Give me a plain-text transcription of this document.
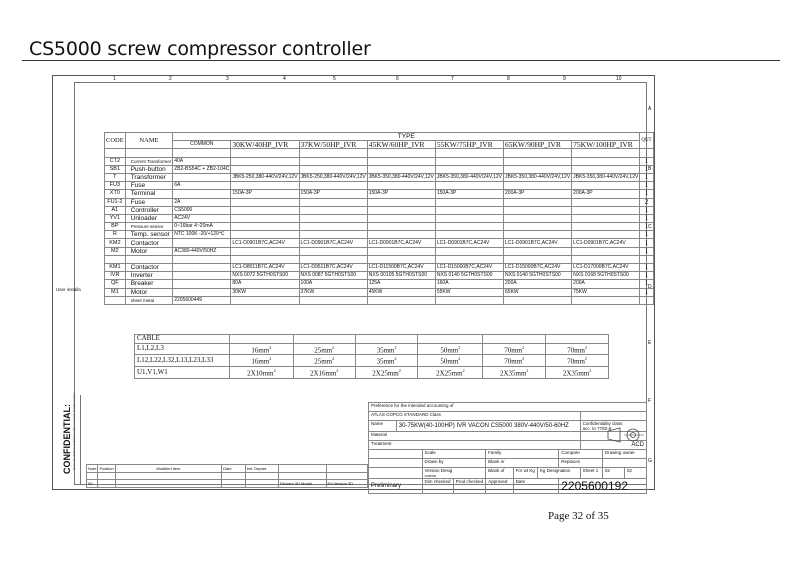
CS5000 screw compressor controller
1	2	3	4	5	6	7	8	9	10
A
B
C
D
E
F
G
User installa
CONFIDENTIAL: Not to be disclosed without written consent of Atlas Copco
CODE	NAME	TYPE							QUT
		COMMON	30KW/40HP_IVR	37KW/50HP_IVR	45KW/60HP_IVR	55KW/75HP_IVR	65KW/90HP_IVR	75KW/100HP_IVR	

CT2	Current Transformer	40A							1
SB1	Push-button	ZB2-BS54C + ZB2-104C							1
T	Transformer		JBK5-250,380-440V/24V,12V	JBK5-250,380-440V/24V,12V	JBK5-350,380-440V/24V,12V	JBK5-350,380-440V/24V,12V	JBK5-350,380-440V/24V,12V	JBK5-350,380-440V/24V,12V	1
FU3	Fuse	6A							1
XT0	Terminal		150A-3P	150A-3P	150A-3P	150A-3P	200A-3P	200A-3P	1
FU1-2	Fuse	2A							2
A1	Controller	CS5000							1
YV1	Unloader	AC24V							1
BP	Pressure sensor	0~16bar 4~20mA							1
R	Temp. sensor	NTC 100K -20/+120℃							1
KM2	Contactor		LC1-D0901B7C,AC24V	LC1-D0901B7C,AC24V	LC1-D0901B7C,AC24V	LC1-D0901B7C,AC24V	LC1-D0901B7C,AC24V	LC1-D0901B7C,AC24V	1
M2	Motor	AC380-440V/50HZ							1

KM1	Contactor		LC1-D8011B7C,AC24V	LC1-D9511B7C,AC24V	LC1-D11500B7C,AC24V	LC1-D15000B7C,AC24V	LC1-D15000B7C,AC24V	LC1-D17000B7C,AC24V	1
IVR	Inverter		NXS 0072 5GTH0STS00	NXS 0087 5GTH0STS00	NXS 00105 5GTH0STS00	NXS 0140 5GTH0STS00	NXS 0140 5GTH0STS00	NXS 0168 5GTH0STS00	1
QF	Breaker		80A	100A	125A	160A	200A	200A	1
M1	Motor		30KW	37KW	45KW	55KW	65KW	75KW	1
	sheet metal	2205600449							
CABLE						
L1,L2,L3	$16mm^2$	$25mm^2$	$35mm^2$	$50mm^2$	$70mm^2$	$70mm^2$
L12,L22,L32,L13,L23,L33	$16mm^2$	$25mm^2$	$35mm^2$	$50mm^2$	$70mm^2$	$70mm^2$
U1,V1,W1	$2X10mm^2$	$2X16mm^2$	$2X25mm^2$	$2X25mm^2$	$2X35mm^2$	$2X35mm^2$
Note	Position	Modified item	Date	Init. Depart.		

00					Pictorm 3D Model	Ed Version 3D
Preference for the intended accounting of										
ATLAS COPCO STANDARD Class										
Name	30-75KW(40-100HP) IVR VACON CS5000 380V-440V/50-60HZ							Confidentiality class
acc. to 7782-8		
Material										
Treatment								ACD		
		Scale		Family			Compare		Drawing owner	
		Drawn by		Blank nr			Replaces			
		Version Desig
2205600		Blank of	For wt Kg	Kg Designation		Sheet 1	02	02
Preliminary		Dim checked	Prod checked	Approved	Date		2205600192			
Page 32 of 35
